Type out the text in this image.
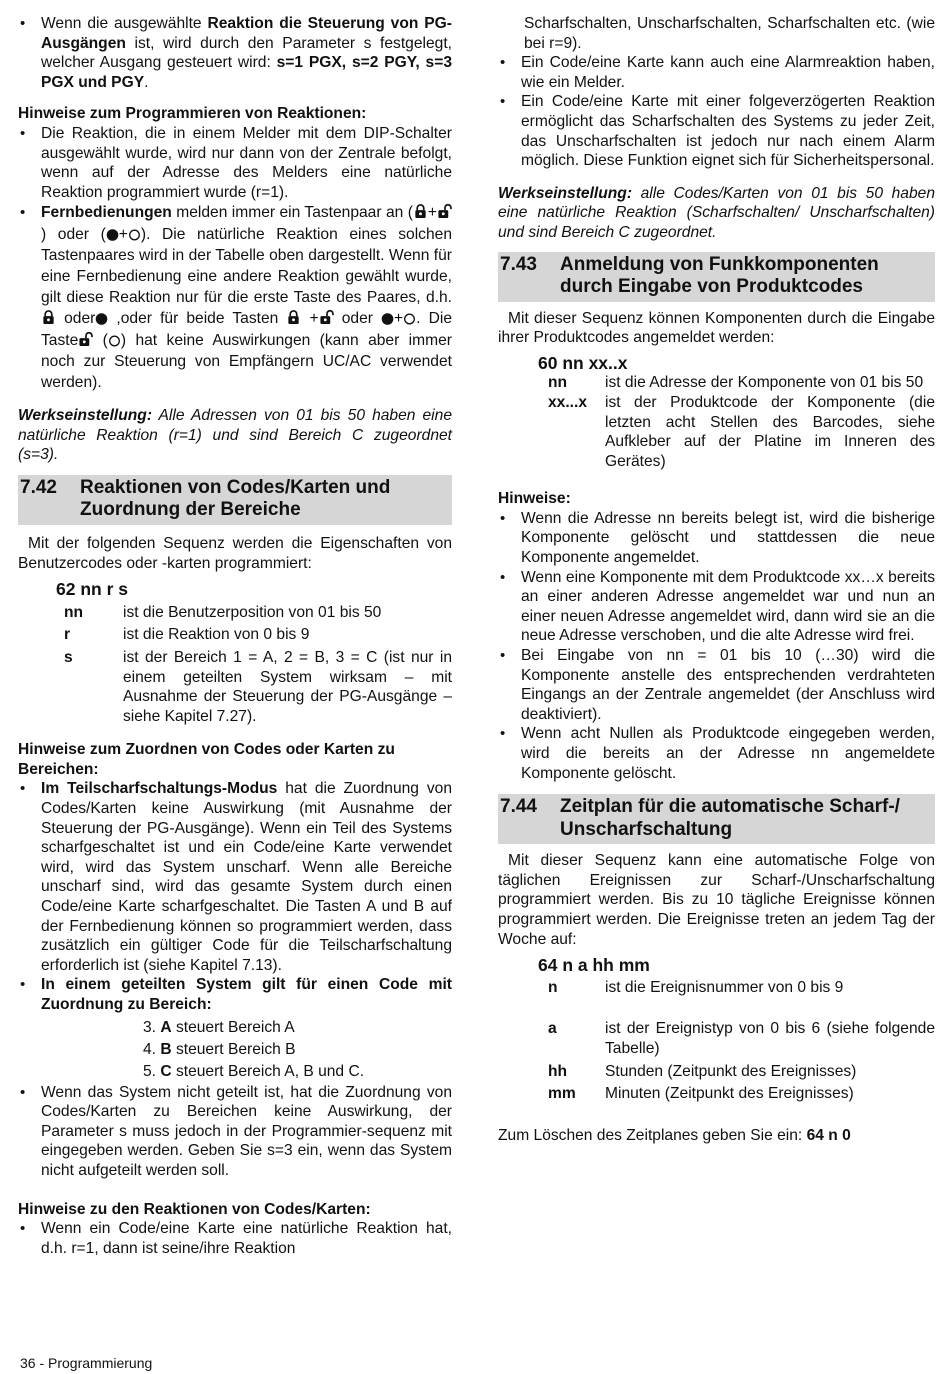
• Wenn die ausgewählte Reaktion die Steuerung von PG-Ausgängen ist, wird durch den Parameter s festgelegt, welcher Ausgang gesteuert wird: s=1 PGX, s=2 PGY, s=3 PGX und PGY.

Hinweise zum Programmieren von Reaktionen:

• Die Reaktion, die in einem Melder mit dem DIP-Schalter ausgewählt wurde, wird nur dann von der Zentrale befolgt, wenn auf der Adresse des Melders eine natürliche Reaktion programmiert wurde (r=1).
• Fernbedienungen melden immer ein Tastenpaar an ( +) oder ( + ). Die natürliche Reaktion eines solchen Tastenpaares wird in der Tabelle oben dargestellt. Wenn für eine Fernbedienung eine andere Reaktion gewählt wurde, gilt diese Reaktion nur für die erste Taste des Paares, d.h.  oder ,oder für beide Tasten  + oder + . Die Taste ( ) hat keine Auswirkungen (kann aber immer noch zur Steuerung von Empfängern UC/AC verwendet werden).

Werkseinstellung: Alle Adressen von 01 bis 50 haben eine natürliche Reaktion (r=1) und sind Bereich C zugeordnet (s=3).

7.42	Reaktionen von Codes/Karten und Zuordnung der Bereiche

Mit der folgenden Sequenz werden die Eigenschaften von Benutzercodes oder -karten programmiert:

62 nn r s

nn	ist die Benutzerposition von 01 bis 50
r	ist die Reaktion von 0 bis 9
s	ist der Bereich 1 = A, 2 = B, 3 = C (ist nur in einem geteilten System wirksam – mit Ausnahme der Steuerung der PG-Ausgänge – siehe Kapitel 7.27).

Hinweise zum Zuordnen von Codes oder Karten zu Bereichen:

• Im Teilscharfschaltungs-Modus hat die Zuordnung von Codes/Karten keine Auswirkung (mit Ausnahme der Steuerung der PG-Ausgänge). Wenn ein Teil des Systems scharfgeschaltet ist und ein Code/eine Karte verwendet wird, wird das System unscharf. Wenn alle Bereiche unscharf sind, wird das gesamte System durch einen Code/eine Karte scharfgeschaltet. Die Tasten A und B auf der Fernbedienung können so programmiert werden, dass zusätzlich ein gültiger Code für die Teilscharfschaltung erforderlich ist (siehe Kapitel 7.13).
• In einem geteilten System gilt für einen Code mit Zuordnung zu Bereich:
3. A steuert Bereich A
4. B steuert Bereich B
5. C steuert Bereich A, B und C.
• Wenn das System nicht geteilt ist, hat die Zuordnung von Codes/Karten zu Bereichen keine Auswirkung, der Parameter s muss jedoch in der Programmier-sequenz mit eingegeben werden. Geben Sie s=3 ein, wenn das System nicht aufgeteilt werden soll.

Hinweise zu den Reaktionen von Codes/Karten:

• Wenn ein Code/eine Karte eine natürliche Reaktion hat, d.h. r=1, dann ist seine/ihre Reaktion

Scharfschalten, Unscharfschalten, Scharfschalten etc. (wie bei r=9).

• Ein Code/eine Karte kann auch eine Alarmreaktion haben, wie ein Melder.
• Ein Code/eine Karte mit einer folgeverzögerten Reaktion ermöglicht das Scharfschalten des Systems zu jeder Zeit, das Unscharfschalten ist jedoch nur nach einem Alarm möglich. Diese Funktion eignet sich für Sicherheitspersonal.

Werkseinstellung: alle Codes/Karten von 01 bis 50 haben eine natürliche Reaktion (Scharfschalten/ Unscharfschalten) und sind Bereich C zugeordnet.

7.43	Anmeldung von Funkkomponenten durch Eingabe von Produktcodes

Mit dieser Sequenz können Komponenten durch die Eingabe ihrer Produktcodes angemeldet werden:

60 nn xx..x

nn	ist die Adresse der Komponente von 01 bis 50
xx...x	ist der Produktcode der Komponente (die letzten acht Stellen des Barcodes, siehe Aufkleber auf der Platine im Inneren des Gerätes)

Hinweise:

• Wenn die Adresse nn bereits belegt ist, wird die bisherige Komponente gelöscht und stattdessen die neue Komponente angemeldet.
• Wenn eine Komponente mit dem Produktcode xx…x bereits an einer anderen Adresse angemeldet war und nun an einer neuen Adresse angemeldet wird, dann wird sie an die neue Adresse verschoben, und die alte Adresse wird frei.
• Bei Eingabe von nn = 01 bis 10 (…30) wird die Komponente anstelle des entsprechenden verdrahteten Eingangs an der Zentrale angemeldet (der Anschluss wird deaktiviert).
• Wenn acht Nullen als Produktcode eingegeben werden, wird die bereits an der Adresse nn angemeldete Komponente gelöscht.
7.44	Zeitplan für die automatische Scharf-/ Unscharfschaltung

Mit dieser Sequenz kann eine automatische Folge von täglichen Ereignissen zur Scharf-/Unscharfschaltung programmiert werden. Bis zu 10 tägliche Ereignisse können programmiert werden. Die Ereignisse treten an jedem Tag der Woche auf:

64 n a hh mm

n	ist die Ereignisnummer von 0 bis 9
a	ist der Ereignistyp von 0 bis 6 (siehe folgende Tabelle)
hh	Stunden (Zeitpunkt des Ereignisses)
mm	Minuten (Zeitpunkt des Ereignisses)

Zum Löschen des Zeitplanes geben Sie ein: 64 n 0

36 - Programmierung
